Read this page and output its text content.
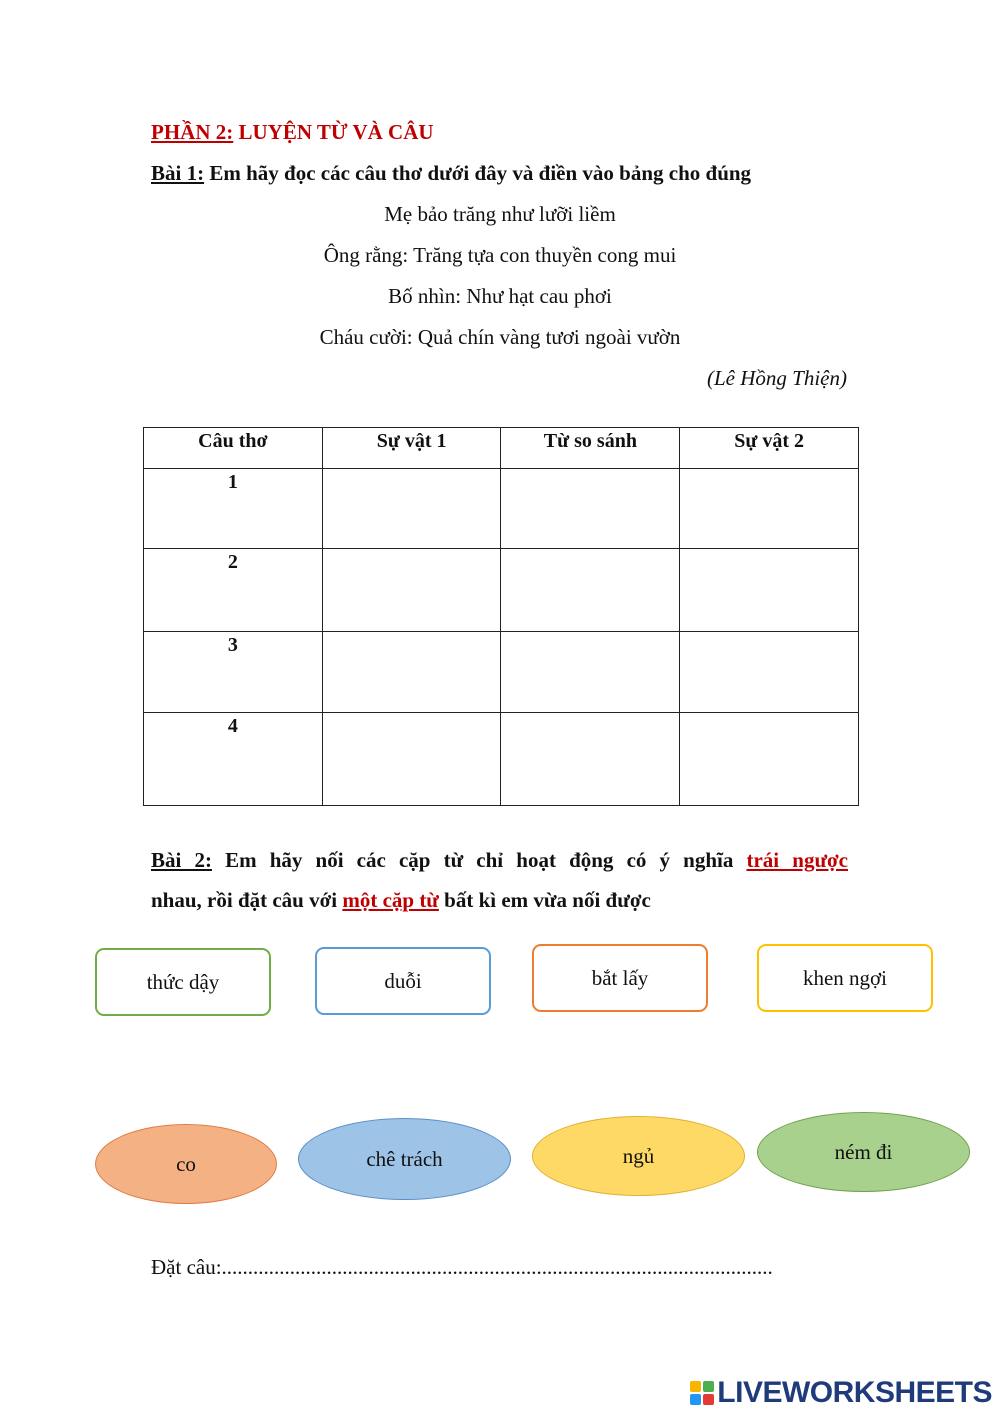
PHẦN 2: LUYỆN TỪ VÀ CÂU
Bài 1: Em hãy đọc các câu thơ dưới đây và điền vào bảng cho đúng
Mẹ bảo trăng như lưỡi liềm
Ông rằng: Trăng tựa con thuyền cong mui
Bố nhìn: Như hạt cau phơi
Cháu cười: Quả chín vàng tươi ngoài vườn
(Lê Hồng Thiện)
Câu thơ	Sự vật 1	Từ so sánh	Sự vật 2
1			
2			
3			
4			
Bài 2: Em hãy nối các cặp từ chỉ hoạt động có ý nghĩa trái ngược
nhau, rồi đặt câu với một cặp từ bất kì em vừa nối được
thức dậy	duỗi	bắt lấy	khen ngợi
co	chê trách	ngủ	ném đi
Đặt câu:.........................................................................................................
LIVEWORKSHEETS
